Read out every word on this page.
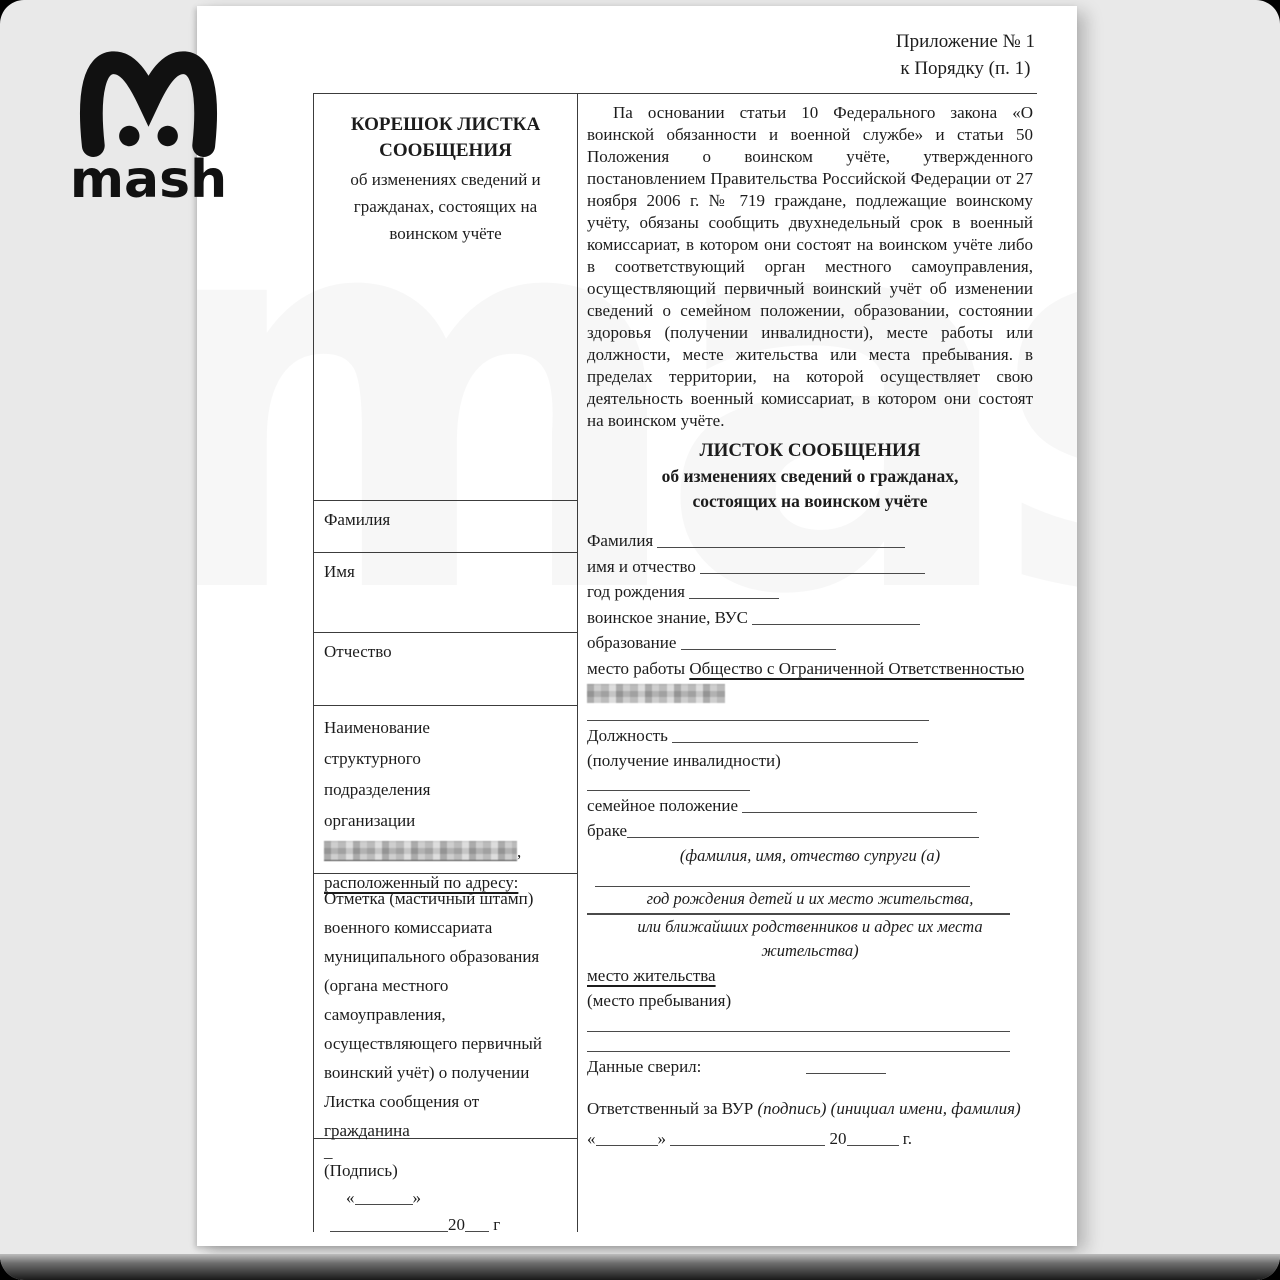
mash
Приложение № 1
к Порядку (п. 1)
КОРЕШОК ЛИСТКА
СООБЩЕНИЯ
об изменениях сведений и гражданах, состоящих на воинском учёте
Фамилия
Имя
Отчество
Наименование
структурного
подразделения
организации
,
расположенный по адресу:
Отметка (мастичный штамп) военного комиссариата муниципального образования (органа местного самоуправления, осуществляющего первичный воинский учёт) о получении Листка сообщения от гражданина
_
(Подпись)
«	»
20 г

Па основании статьи 10 Федерального закона «О воинской обязанности и военной службе» и статьи 50 Положения о воинском учёте, утвержденного постановлением Правительства Российской Федерации от 27 ноября 2006 г. № 719 граждане, подлежащие воинскому учёту, обязаны сообщить двухнедельный срок в военный комиссариат, в котором они состоят на воинском учёте либо в соответствующий орган местного самоуправления, осуществляющий первичный воинский учёт об изменении сведений о семейном положении, образовании, состоянии здоровья (получении инвалидности), месте работы или должности, месте жительства или места пребывания. в пределах территории, на которой осуществляет свою деятельность военный комиссариат, в котором они состоят на воинском учёте.

ЛИСТОК СООБЩЕНИЯ
об изменениях сведений о гражданах,
состоящих на воинском учёте
Фамилия
имя и отчество
год рождения
воинское знание, ВУС
образование
место работы Общество с Ограниченной Ответственностью
Должность
(получение инвалидности)
семейное положение
браке
(фамилия, имя, отчество супруги (а)
год рождения детей и их место жительства,
или ближайших родственников и адрес их места жительства)
место жительства
(место пребывания)
Данные сверил:
Ответственный за ВУР (подпись) (инициал имени, фамилия)
«	»	20	г.
